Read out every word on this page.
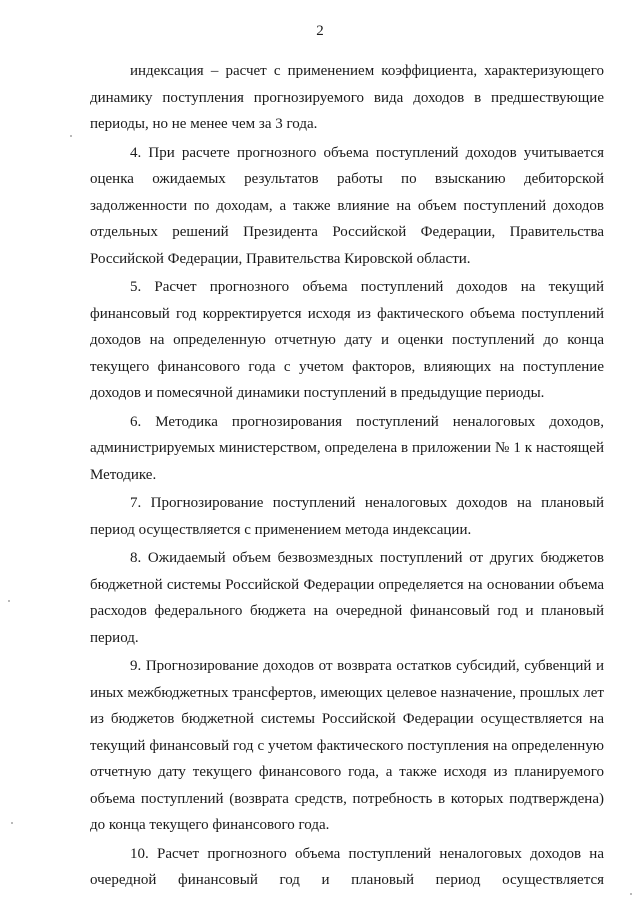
2

индексация – расчет с применением коэффициента, характеризующего динамику поступления прогнозируемого вида доходов в предшествующие периоды, но не менее чем за 3 года.

4. При расчете прогнозного объема поступлений доходов учитывается оценка ожидаемых результатов работы по взысканию дебиторской задолженности по доходам, а также влияние на объем поступлений доходов отдельных решений Президента Российской Федерации, Правительства Российской Федерации, Правительства Кировской области.

5. Расчет прогнозного объема поступлений доходов на текущий финансовый год корректируется исходя из фактического объема поступлений доходов на определенную отчетную дату и оценки поступлений до конца текущего финансового года с учетом факторов, влияющих на поступление доходов и помесячной динамики поступлений в предыдущие периоды.

6. Методика прогнозирования поступлений неналоговых доходов, администрируемых министерством, определена в приложении № 1 к настоящей Методике.

7. Прогнозирование поступлений неналоговых доходов на плановый период осуществляется с применением метода индексации.

8. Ожидаемый объем безвозмездных поступлений от других бюджетов бюджетной системы Российской Федерации определяется на основании объема расходов федерального бюджета на очередной финансовый год и плановый период.

9. Прогнозирование доходов от возврата остатков субсидий, субвенций и иных межбюджетных трансфертов, имеющих целевое назначение, прошлых лет из бюджетов бюджетной системы Российской Федерации осуществляется на текущий финансовый год с учетом фактического поступления на определенную отчетную дату текущего финансового года, а также исходя из планируемого объема поступлений (возврата средств, потребность в которых подтверждена) до конца текущего финансового года.

10. Расчет прогнозного объема поступлений неналоговых доходов на очередной финансовый год и плановый период осуществляется
